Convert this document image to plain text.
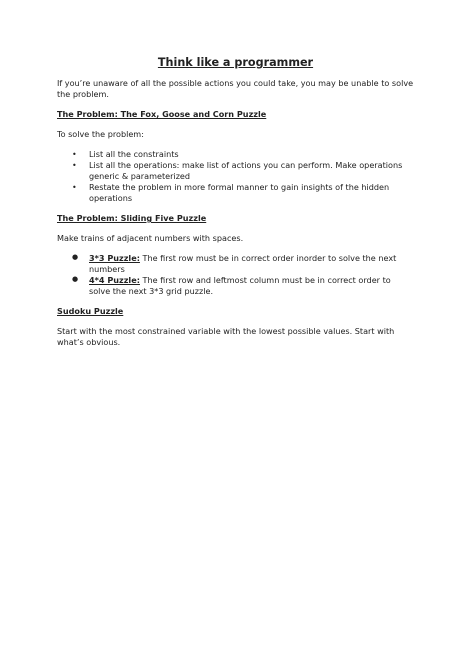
Think like a programmer

If you’re unaware of all the possible actions you could take, you may be unable to solve the problem.

The Problem: The Fox, Goose and Corn Puzzle

To solve the problem:

• List all the constraints
• List all the operations: make list of actions you can perform. Make operations generic & parameterized
• Restate the problem in more formal manner to gain insights of the hidden operations
The Problem: Sliding Five Puzzle

Make trains of adjacent numbers with spaces.

● 3*3 Puzzle: The first row must be in correct order inorder to solve the next numbers
● 4*4 Puzzle: The first row and leftmost column must be in correct order to solve the next 3*3 grid puzzle.
Sudoku Puzzle

Start with the most constrained variable with the lowest possible values. Start with what’s obvious.
